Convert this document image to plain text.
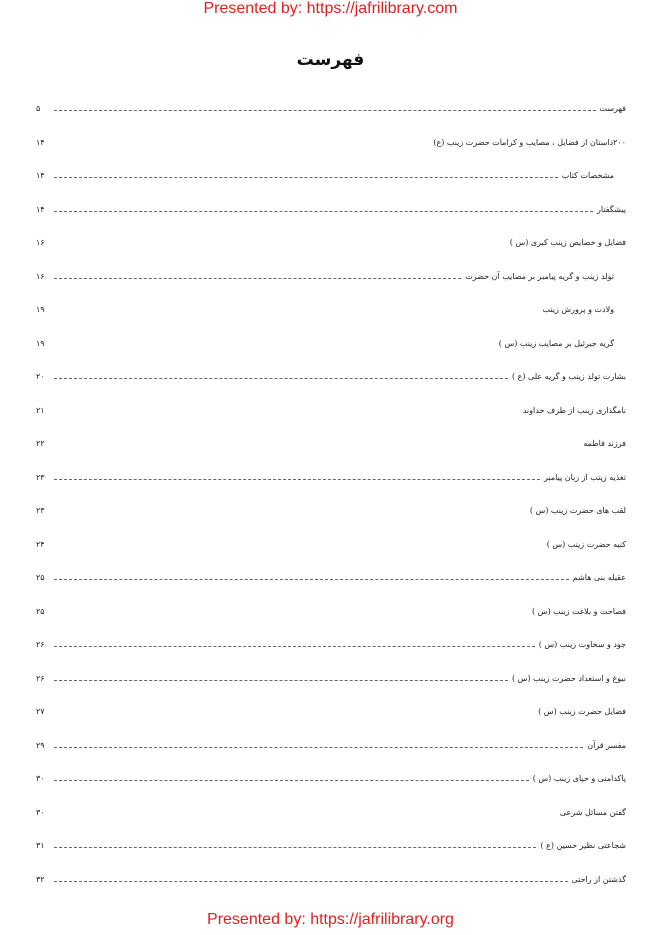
Presented by: https://jafrilibrary.com
فهرست
فهرست
۵
۲۰۰داستان از فضایل ، مصایب و کرامات حضرت زینب (ع)
۱۴
مشخصات کتاب
۱۴
پیشگفتار
۱۴
فضایل و خصایص زینب کبری (س )
۱۶
تولد زینب و گریه پیامبر بر مصایب آن حضرت
۱۶
ولادت و پرورش زینب
۱۹
گریه جبرئیل بر مصایب زینب (س )
۱۹
بشارت تولد زینب و گریه علی (ع )
۲۰
نامگذاری زینب از طرف خداوند
۲۱
فرزند فاطمه
۲۲
تغذیه زینب از زبان پیامبر
۲۳
لقب های حضرت زینب (س )
۲۳
کنیه حضرت زینب (س )
۲۴
عقیله بنی هاشم
۲۵
فصاحت و بلاغت زینب (س )
۲۵
جود و سخاوت زینب (س )
۲۶
نبوغ و استعداد حضرت زینب (س )
۲۶
فضایل حضرت زینب (س )
۲۷
مفسر قرآن
۲۹
پاکدامنی و حیای زینب (س )
۳۰
گفتن مسائل شرعی
۳۰
شجاعتی نظیر حسین (ع )
۳۱
گذشتن از راحتی
۳۲
Presented by: https://jafrilibrary.org
